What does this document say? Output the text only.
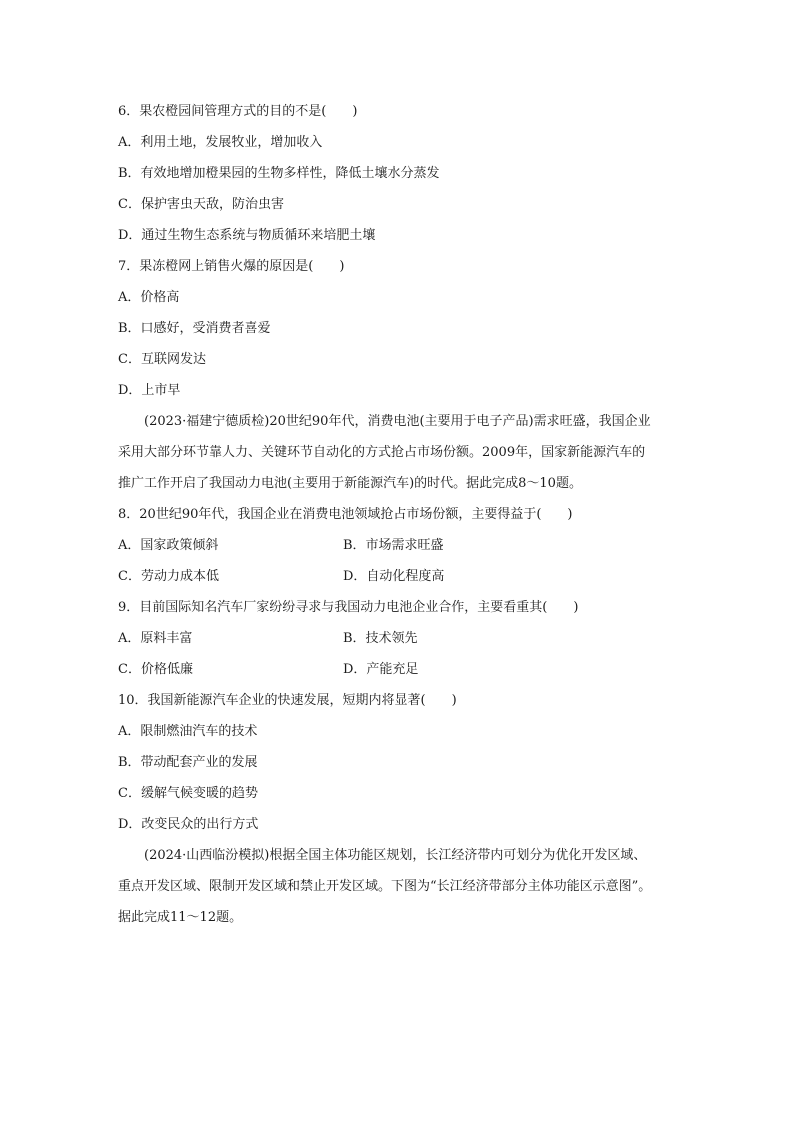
6．果农橙园间管理方式的目的不是(　　)
A．利用土地，发展牧业，增加收入
B．有效地增加橙果园的生物多样性，降低土壤水分蒸发
C．保护害虫天敌，防治虫害
D．通过生物生态系统与物质循环来培肥土壤
7．果冻橙网上销售火爆的原因是(　　)
A．价格高
B．口感好，受消费者喜爱
C．互联网发达
D．上市早
(2023·福建宁德质检)20世纪90年代，消费电池(主要用于电子产品)需求旺盛，我国企业
采用大部分环节靠人力、关键环节自动化的方式抢占市场份额。2009年，国家新能源汽车的
推广工作开启了我国动力电池(主要用于新能源汽车)的时代。据此完成8～10题。
8．20世纪90年代，我国企业在消费电池领域抢占市场份额，主要得益于(　　)
A．国家政策倾斜	B．市场需求旺盛
C．劳动力成本低	D．自动化程度高
9．目前国际知名汽车厂家纷纷寻求与我国动力电池企业合作，主要看重其(　　)
A．原料丰富	B．技术领先
C．价格低廉	D．产能充足
10．我国新能源汽车企业的快速发展，短期内将显著(　　)
A．限制燃油汽车的技术
B．带动配套产业的发展
C．缓解气候变暖的趋势
D．改变民众的出行方式
(2024·山西临汾模拟)根据全国主体功能区规划，长江经济带内可划分为优化开发区域、
重点开发区域、限制开发区域和禁止开发区域。下图为“长江经济带部分主体功能区示意图”。
据此完成11～12题。
